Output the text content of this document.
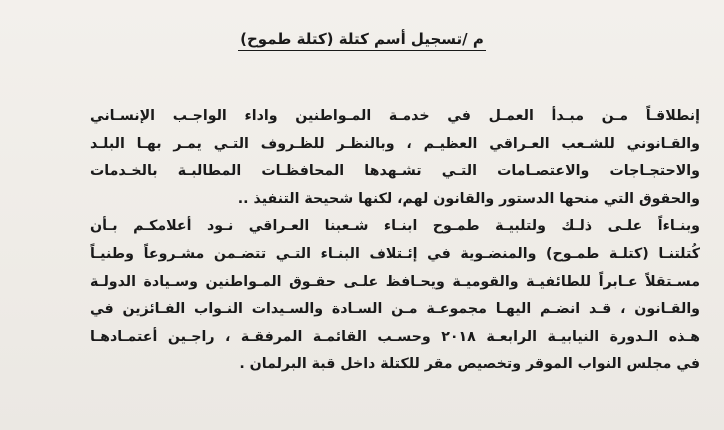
م /تسجيل أسم كتلة (كتلة طموح)
إنطلاقـاً مـن مبـدأ العمـل في خدمـة المـواطنين واداء الواجـب الإنسـاني
والقـانوني للشـعب العـراقي العظيـم ، وبالنظـر للظـروف التـي يمـر بهـا البلـد
والاحتجـاجات والاعتصـامات التـي تشـهدها المحافظـات المطالبـة بالخـدمات
والحقوق التي منحها الدستور والقانون لهم، لكنها شحيحة التنفيذ ..
وبنـاءاً علـى ذلـك ولتلبيـة طمـوح ابنـاء شـعبنا العـراقي نـود أعلامكـم بـأن
كُتلتنـا (كتلـة طمـوح) والمنضـوية في إئـتلاف البنـاء التـي تتضـمن مشـروعاً وطنيـاً
مسـتقلاً عـابراً للطائفيـة والقوميـة ويحـافظ علـى حقـوق المـواطنين وسـيادة الدولـة
والقـانون ، قـد انضـم اليهـا مجموعـة مـن السـادة والسـيدات النـواب الفـائزين في
هـذه الـدورة النيابيـة الرابعـة ٢٠١٨ وحسـب القائمـة المرفقـة ، راجـين أعتمـادهـا
في مجلس النواب الموقر وتخصيص مقر للكتلة داخل قبة البرلمان .
